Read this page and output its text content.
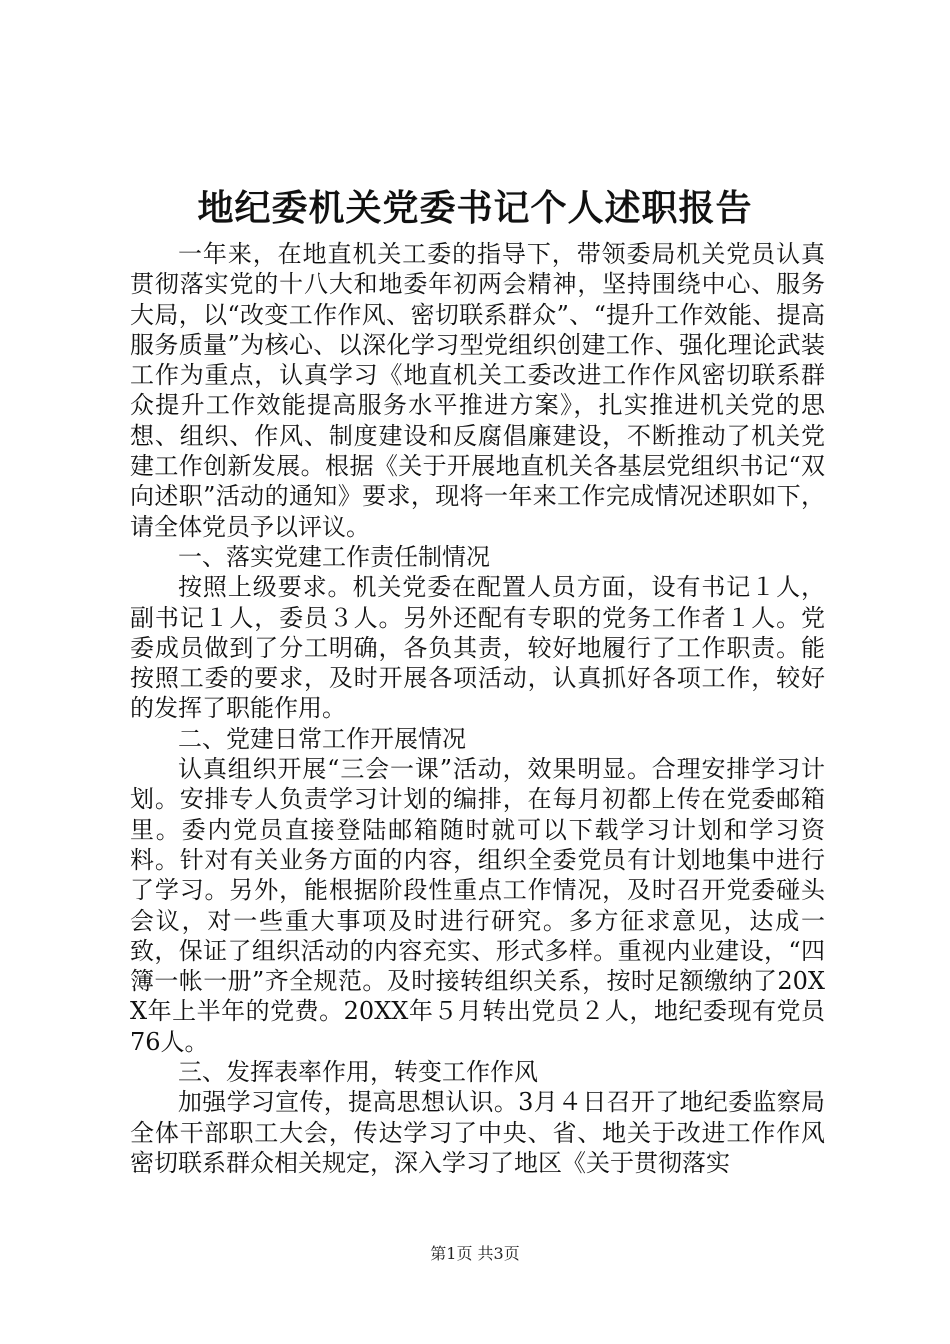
地纪委机关党委书记个人述职报告

一年来，在地直机关工委的指导下，带领委局机关党员认真贯彻落实党的十八大和地委年初两会精神，坚持围绕中心、服务大局，以“改变工作作风、密切联系群众”、“提升工作效能、提高服务质量”为核心、以深化学习型党组织创建工作、强化理论武装工作为重点，认真学习《地直机关工委改进工作作风密切联系群众提升工作效能提高服务水平推进方案》，扎实推进机关党的思想、组织、作风、制度建设和反腐倡廉建设，不断推动了机关党建工作创新发展。根据《关于开展地直机关各基层党组织书记“双向述职”活动的通知》要求，现将一年来工作完成情况述职如下，请全体党员予以评议。

一、落实党建工作责任制情况

按照上级要求。机关党委在配置人员方面，设有书记１人，副书记１人，委员３人。另外还配有专职的党务工作者１人。党委成员做到了分工明确，各负其责，较好地履行了工作职责。能按照工委的要求，及时开展各项活动，认真抓好各项工作，较好的发挥了职能作用。

二、党建日常工作开展情况

认真组织开展“三会一课”活动，效果明显。合理安排学习计划。安排专人负责学习计划的编排，在每月初都上传在党委邮箱里。委内党员直接登陆邮箱随时就可以下载学习计划和学习资料。针对有关业务方面的内容，组织全委党员有计划地集中进行了学习。另外，能根据阶段性重点工作情况，及时召开党委碰头会议，对一些重大事项及时进行研究。多方征求意见，达成一致，保证了组织活动的内容充实、形式多样。重视内业建设，“四簿一帐一册”齐全规范。及时接转组织关系，按时足额缴纳了20XX年上半年的党费。20XX年５月转出党员２人，地纪委现有党员76人。

三、发挥表率作用，转变工作作风

加强学习宣传，提高思想认识。3月４日召开了地纪委监察局全体干部职工大会，传达学习了中央、省、地关于改进工作作风密切联系群众相关规定，深入学习了地区《关于贯彻落实

第1页 共3页
